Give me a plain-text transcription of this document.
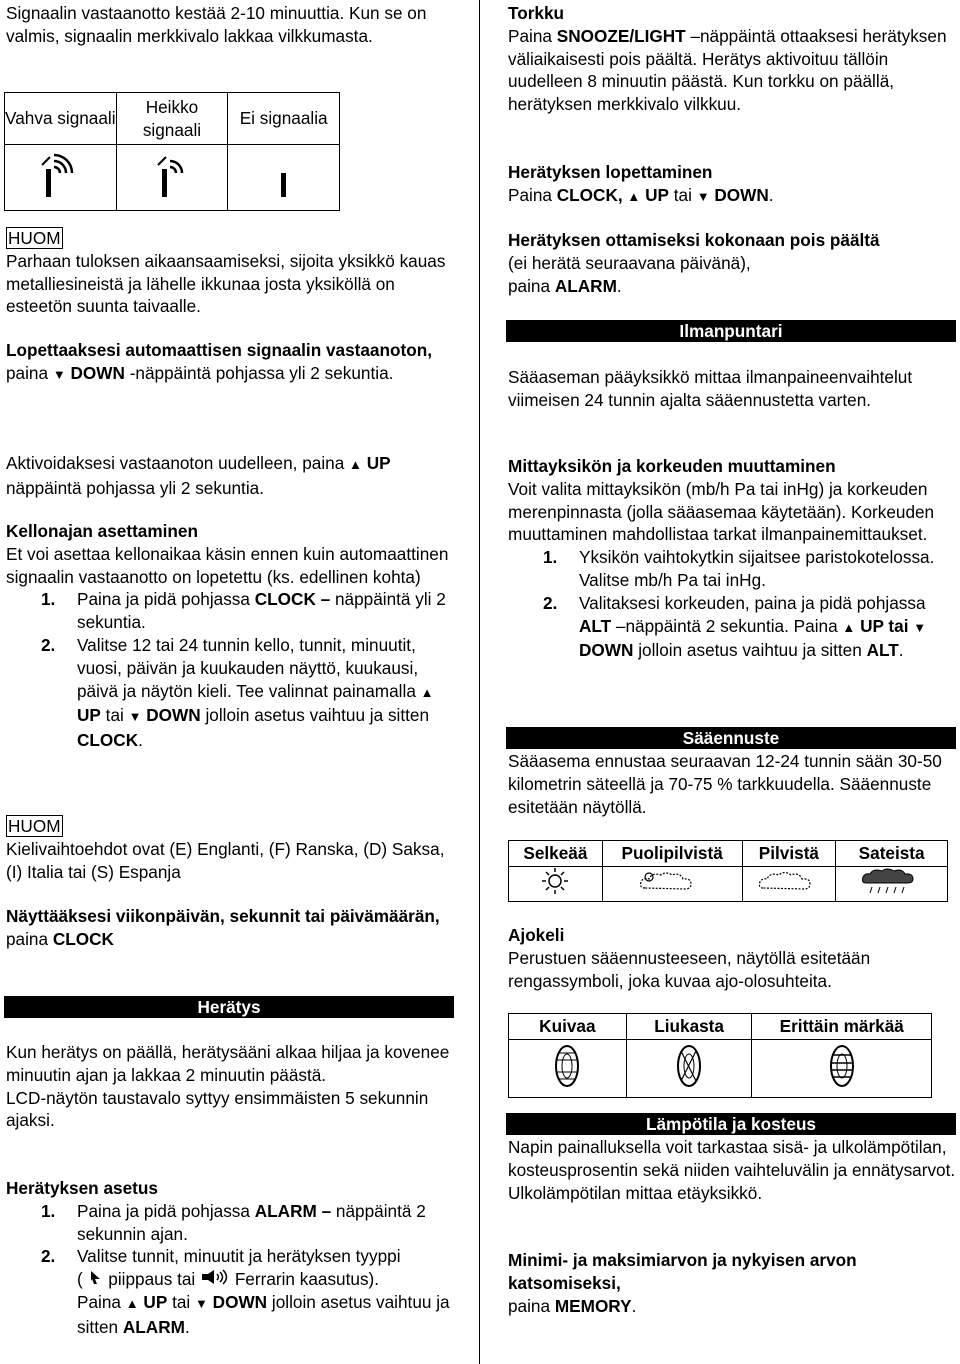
Signaalin vastaanotto kestää 2-10 minuuttia. Kun se on valmis, signaalin merkkivalo lakkaa vilkkumasta.

Vahva signaali	Heikko signaali	Ei signaalia

HUOM

Parhaan tuloksen aikaansaamiseksi, sijoita yksikkö kauas metalliesineistä ja lähelle ikkunaa josta yksiköllä on esteetön suunta taivaalle.

Lopettaaksesi automaattisen signaalin vastaanoton,

paina ▼ DOWN -näppäintä pohjassa yli 2 sekuntia.

Aktivoidaksesi vastaanoton uudelleen, paina ▲ UP näppäintä pohjassa yli 2 sekuntia.

Kellonajan asettaminen

Et voi asettaa kellonaikaa käsin ennen kuin automaattinen signaalin vastaanotto on lopetettu (ks. edellinen kohta)

1. Paina ja pidä pohjassa CLOCK – näppäintä yli 2 sekuntia.
2. Valitse 12 tai 24 tunnin kello, tunnit, minuutit, vuosi, päivän ja kuukauden näyttö, kuukausi, päivä ja näytön kieli. Tee valinnat painamalla ▲ UP tai ▼ DOWN jolloin asetus vaihtuu ja sitten CLOCK.
HUOM

Kielivaihtoehdot ovat (E) Englanti, (F) Ranska, (D) Saksa, (I) Italia tai (S) Espanja

Näyttääksesi viikonpäivän, sekunnit tai päivämäärän,

paina CLOCK

Herätys

Kun herätys on päällä, herätysääni alkaa hiljaa ja kovenee minuutin ajan ja lakkaa 2 minuutin päästä.

LCD-näytön taustavalo syttyy ensimmäisten 5 sekunnin ajaksi.

Herätyksen asetus

1. Paina ja pidä pohjassa ALARM – näppäintä 2 sekunnin ajan.
2. Valitse tunnit, minuutit ja herätyksen tyyppi
( piippaus tai Ferrarin kaasutus).
Paina ▲ UP tai ▼ DOWN jolloin asetus vaihtuu ja sitten ALARM.

Torkku

Paina SNOOZE/LIGHT –näppäintä ottaaksesi herätyksen väliaikaisesti pois päältä. Herätys aktivoituu tällöin uudelleen 8 minuutin päästä. Kun torkku on päällä, herätyksen merkkivalo vilkkuu.

Herätyksen lopettaminen

Paina CLOCK, ▲ UP tai ▼ DOWN.

Herätyksen ottamiseksi kokonaan pois päältä

(ei herätä seuraavana päivänä),

paina ALARM.

Ilmanpuntari

Sääaseman pääyksikkö mittaa ilmanpaineenvaihtelut viimeisen 24 tunnin ajalta sääennustetta varten.

Mittayksikön ja korkeuden muuttaminen

Voit valita mittayksikön (mb/h Pa tai inHg) ja korkeuden merenpinnasta (jolla sääasemaa käytetään). Korkeuden muuttaminen mahdollistaa tarkat ilmanpainemittaukset.

1. Yksikön vaihtokytkin sijaitsee paristokotelossa. Valitse mb/h Pa tai inHg.
2. Valitaksesi korkeuden, paina ja pidä pohjassa ALT –näppäintä 2 sekuntia. Paina ▲ UP tai ▼ DOWN jolloin asetus vaihtuu ja sitten ALT.
Sääennuste

Sääasema ennustaa seuraavan 12-24 tunnin sään 30-50 kilometrin säteellä ja 70-75 % tarkkuudella. Sääennuste esitetään näytöllä.

Selkeää	Puolipilvistä	Pilvistä	Sateista

Ajokeli

Perustuen sääennusteeseen, näytöllä esitetään rengassymboli, joka kuvaa ajo-olosuhteita.

Kuivaa	Liukasta	Erittäin märkää

Lämpötila ja kosteus

Napin painalluksella voit tarkastaa sisä- ja ulkolämpötilan, kosteusprosentin sekä niiden vaihteluvälin ja ennätysarvot.

Ulkolämpötilan mittaa etäyksikkö.

Minimi- ja maksimiarvon ja nykyisen arvon katsomiseksi,

paina MEMORY.
